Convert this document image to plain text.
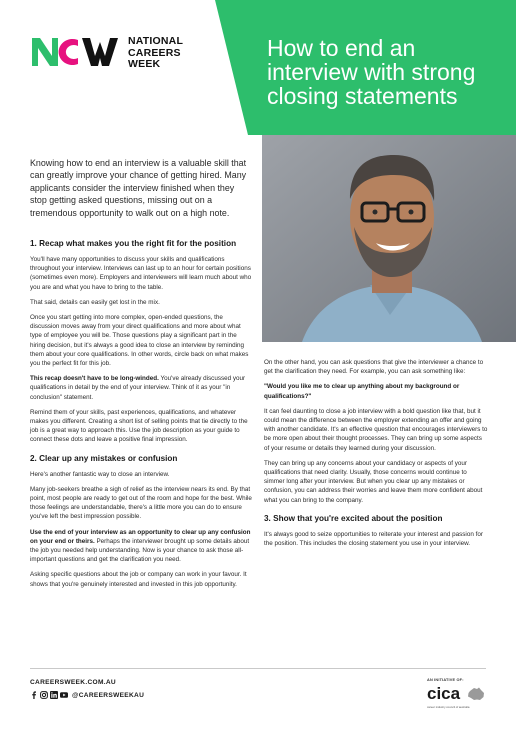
NATIONAL
CAREERS
WEEK
How to end an
interview with strong
closing statements
Knowing how to end an interview is a valuable skill that can greatly improve your chance of getting hired. Many applicants consider the interview finished when they stop getting asked questions, missing out on a tremendous opportunity to walk out on a high note.
1. Recap what makes you the right fit for the position

You'll have many opportunities to discuss your skills and qualifications throughout your interview. Interviews can last up to an hour for certain positions (sometimes even more). Employers and interviewers will learn much about who you are and what you have to bring to the table.

That said, details can easily get lost in the mix.

Once you start getting into more complex, open-ended questions, the discussion moves away from your direct qualifications and more about what type of employee you will be. Those questions play a significant part in the hiring decision, but it's always a good idea to close an interview by reminding them about your core qualifications. In other words, circle back on what makes you the perfect fit for this job.

This recap doesn't have to be long-winded. You've already discussed your qualifications in detail by the end of your interview. Think of it as your "in conclusion" statement.

Remind them of your skills, past experiences, qualifications, and whatever makes you different. Creating a short list of selling points that tie directly to the job is a great way to approach this. Use the job description as your guide to connect these dots and leave a positive final impression.

2. Clear up any mistakes or confusion

Here's another fantastic way to close an interview.

Many job-seekers breathe a sigh of relief as the interview nears its end. By that point, most people are ready to get out of the room and hope for the best. While those feelings are understandable, there's a little more you can do to ensure you've left the best impression possible.

Use the end of your interview as an opportunity to clear up any confusion on your end or theirs. Perhaps the interviewer brought up some details about the job you needed help understanding. Now is your chance to ask those all-important questions and get the clarification you need.

Asking specific questions about the job or company can work in your favour. It shows that you're genuinely interested and invested in this job opportunity.

On the other hand, you can ask questions that give the interviewer a chance to get the clarification they need. For example, you can ask something like:

"Would you like me to clear up anything about my background or qualifications?"

It can feel daunting to close a job interview with a bold question like that, but it could mean the difference between the employer extending an offer and going with another candidate. It's an effective question that encourages interviewers to be more open about their thought processes. They can bring up some aspects of your resume or details they learned during your discussion.

They can bring up any concerns about your candidacy or aspects of your qualifications that need clarity. Usually, those concerns would continue to simmer long after your interview. But when you clear up any mistakes or confusion, you can address their worries and leave them more confident about what you can bring to the company.

3. Show that you're excited about the position

It's always good to seize opportunities to reiterate your interest and passion for the position. This includes the closing statement you use in your interview.

CAREERSWEEK.COM.AU
@CAREERSWEEKAU
AN INITIATIVE OF:
cica
career industry council of australia
